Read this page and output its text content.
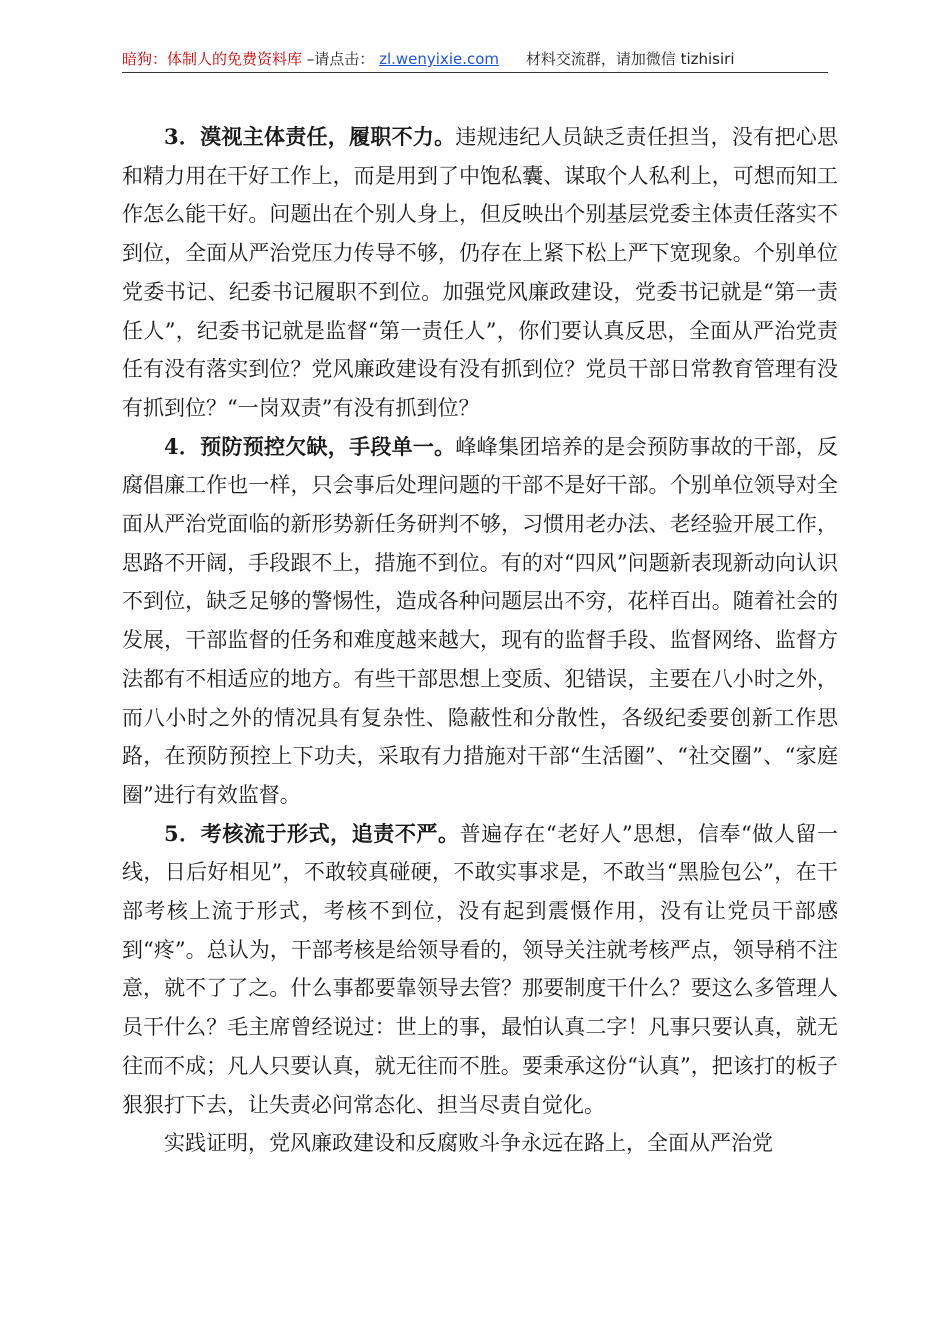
暗狗：体制人的免费资料库 –请点击： zl.wenyixie.com 材料交流群，请加微信 tizhisiri

3．漠视主体责任，履职不力。违规违纪人员缺乏责任担当，没有把心思和精力用在干好工作上，而是用到了中饱私囊、谋取个人私利上，可想而知工作怎么能干好。问题出在个别人身上，但反映出个别基层党委主体责任落实不到位，全面从严治党压力传导不够，仍存在上紧下松上严下宽现象。个别单位党委书记、纪委书记履职不到位。加强党风廉政建设，党委书记就是“第一责任人”，纪委书记就是监督“第一责任人”，你们要认真反思，全面从严治党责任有没有落实到位？党风廉政建设有没有抓到位？党员干部日常教育管理有没有抓到位？“一岗双责”有没有抓到位？

4．预防预控欠缺，手段单一。峰峰集团培养的是会预防事故的干部，反腐倡廉工作也一样，只会事后处理问题的干部不是好干部。个别单位领导对全面从严治党面临的新形势新任务研判不够，习惯用老办法、老经验开展工作，思路不开阔，手段跟不上，措施不到位。有的对“四风”问题新表现新动向认识不到位，缺乏足够的警惕性，造成各种问题层出不穷，花样百出。随着社会的发展，干部监督的任务和难度越来越大，现有的监督手段、监督网络、监督方法都有不相适应的地方。有些干部思想上变质、犯错误，主要在八小时之外，而八小时之外的情况具有复杂性、隐蔽性和分散性，各级纪委要创新工作思路，在预防预控上下功夫，采取有力措施对干部“生活圈”、“社交圈”、“家庭圈”进行有效监督。

5．考核流于形式，追责不严。普遍存在“老好人”思想，信奉“做人留一线，日后好相见”，不敢较真碰硬，不敢实事求是，不敢当“黑脸包公”，在干部考核上流于形式，考核不到位，没有起到震慑作用，没有让党员干部感到“疼”。总认为，干部考核是给领导看的，领导关注就考核严点，领导稍不注意，就不了了之。什么事都要靠领导去管？那要制度干什么？要这么多管理人员干什么？毛主席曾经说过：世上的事，最怕认真二字！凡事只要认真，就无往而不成；凡人只要认真，就无往而不胜。要秉承这份“认真”，把该打的板子狠狠打下去，让失责必问常态化、担当尽责自觉化。

实践证明，党风廉政建设和反腐败斗争永远在路上，全面从严治党
